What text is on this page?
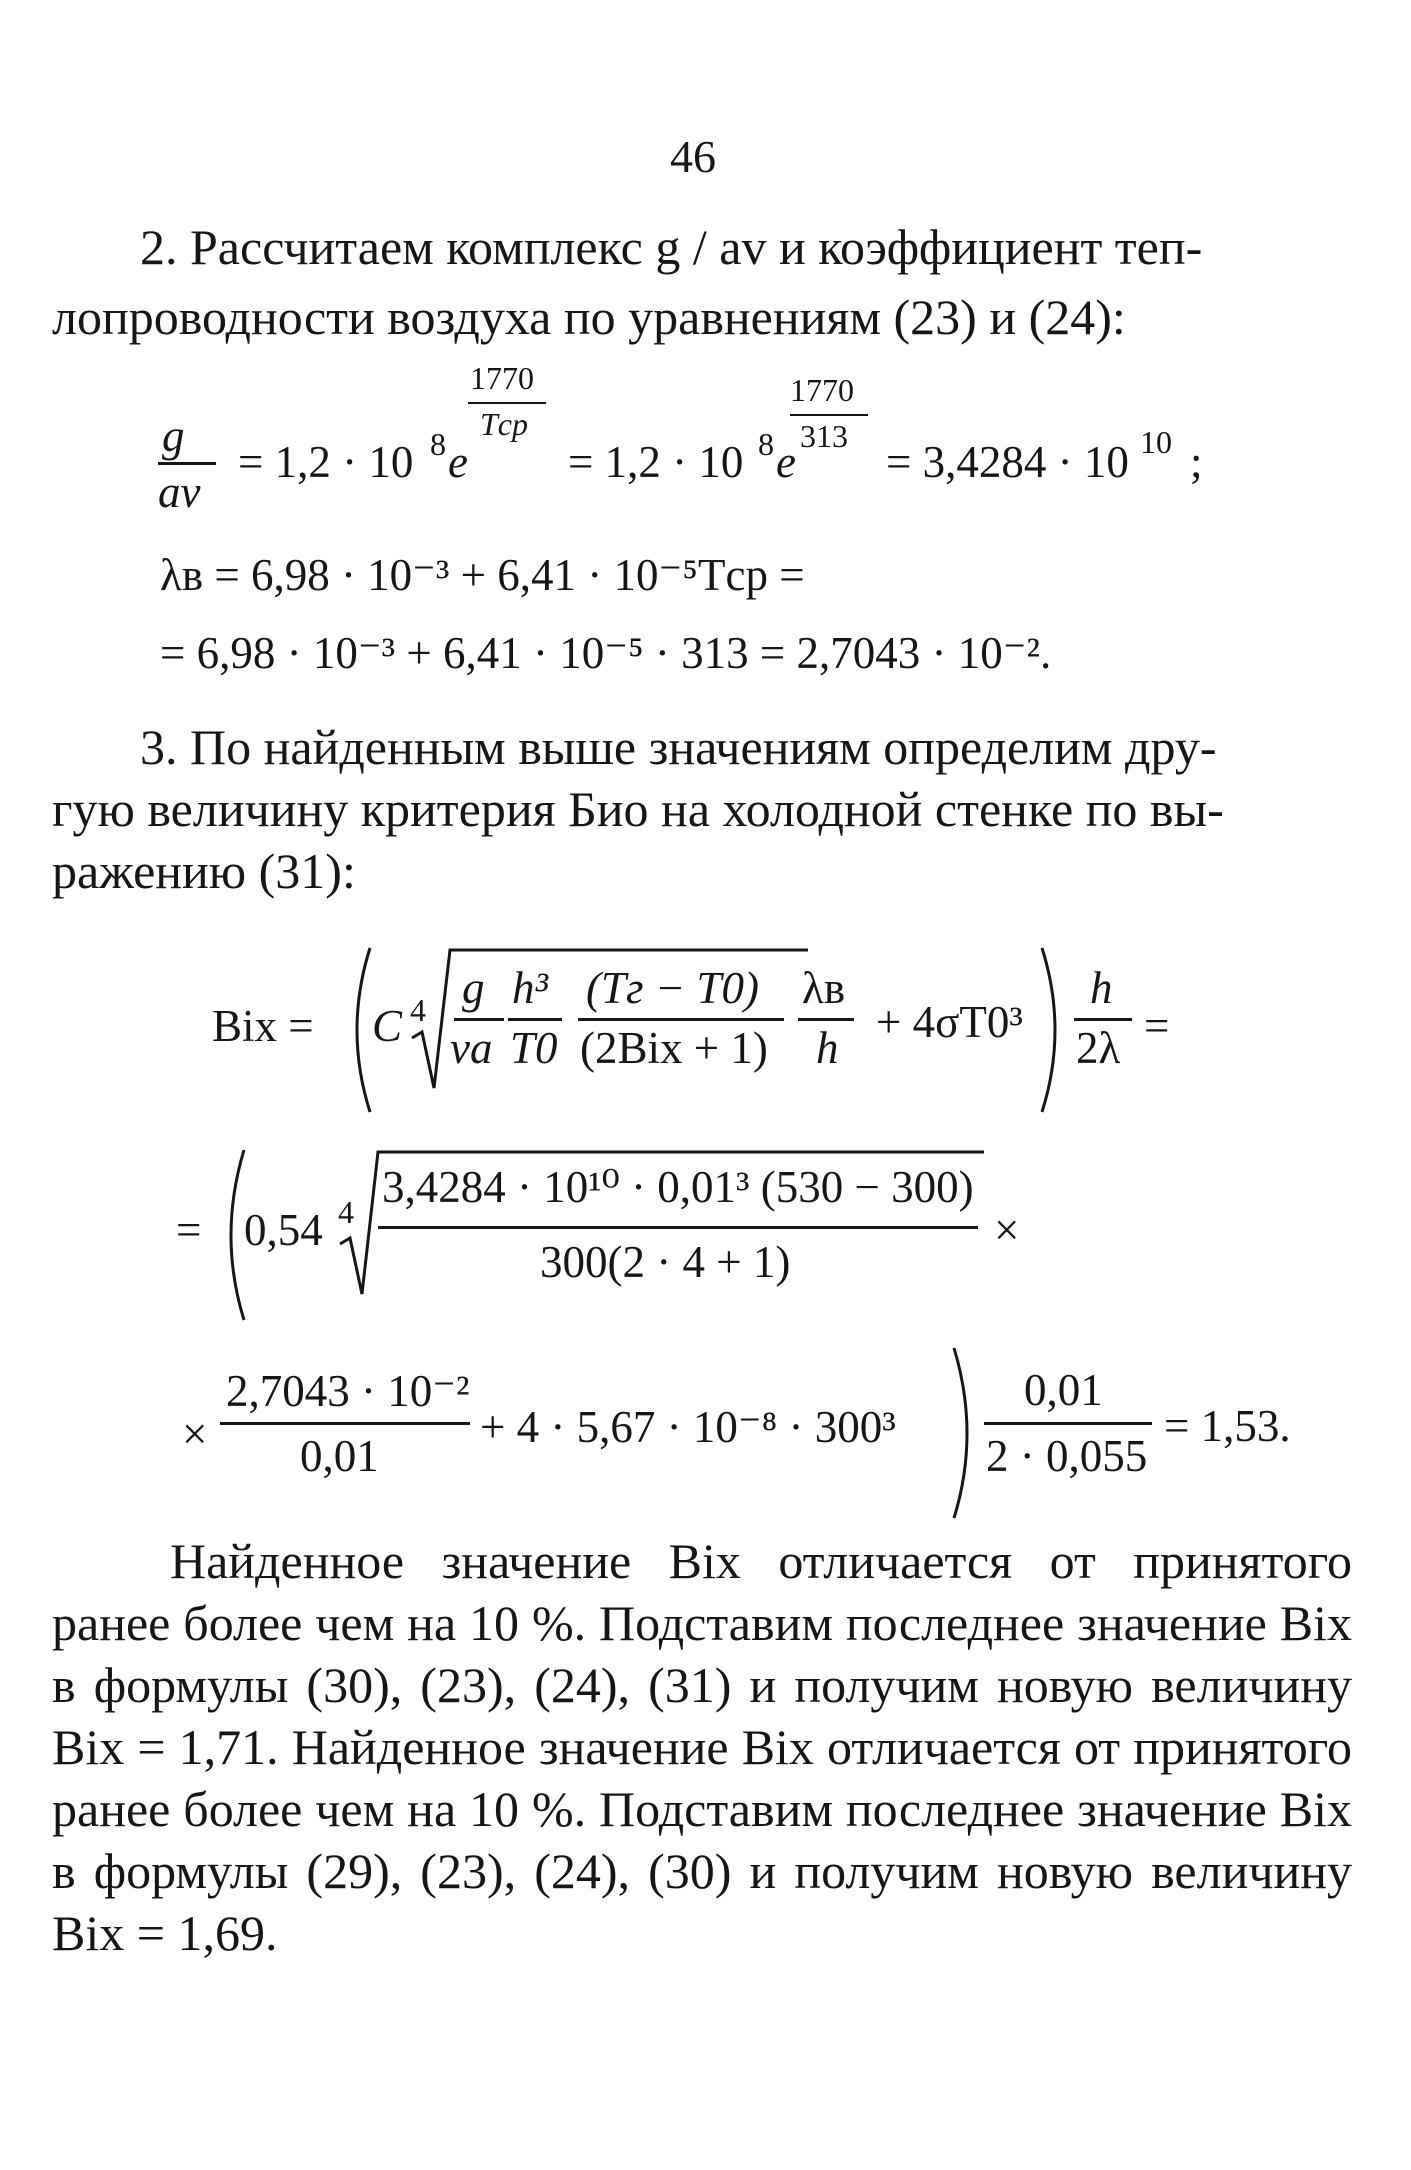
46
2. Рассчитаем комплекс g / av и коэффициент теп-
лопроводности воздуха по уравнениям (23) и (24):
g
av
= 1,2 · 10 8 e
1770
Tср
= 1,2 · 10 8 e
1770
313
= 3,4284 · 10 10 ;
λв = 6,98 · 10⁻³ + 6,41 · 10⁻⁵Tср =
= 6,98 · 10⁻³ + 6,41 · 10⁻⁵ · 313 = 2,7043 · 10⁻².
3. По найденным выше значениям определим дру-
гую величину критерия Био на холодной стенке по вы-
ражению (31):
Bix = C 4 g
νa
h³
T0
(Tг − T0)
(2Bix + 1)
λв
h
+ 4σT0³
h
2λ =
= 0,54 4 3,4284 · 10¹⁰ · 0,01³ (530 − 300)
300(2 · 4 + 1)
×
×
2,7043 · 10⁻²
0,01
+ 4 · 5,67 · 10⁻⁸ · 300³
0,01
2 · 0,055
= 1,53.
Найденное значение Biх отличается от принятого ранее более чем на 10 %. Подставим последнее значение Biх в формулы (30), (23), (24), (31) и получим новую величину Biх = 1,71. Найденное значение Biх отличается от принятого ранее более чем на 10 %. Подставим последнее значение Biх в формулы (29), (23), (24), (30) и получим новую величину Biх = 1,69.
